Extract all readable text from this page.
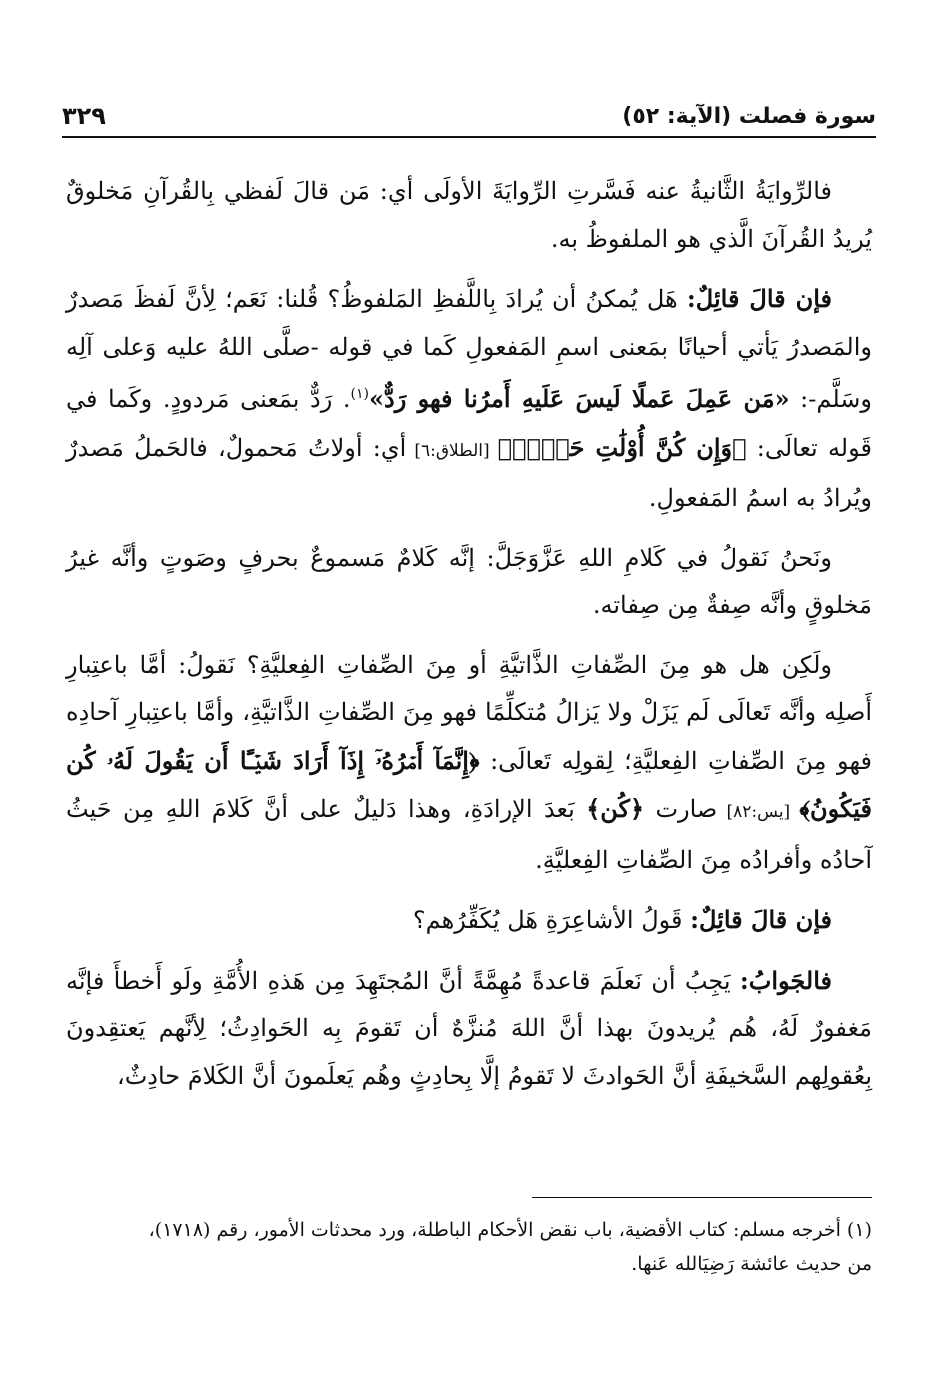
سورة فصلت (الآية: ٥٢)
٣٢٩

فالرِّوايَةُ الثَّانيةُ عنه فَسَّرتِ الرِّوايَةَ الأولَى أي: مَن قالَ لَفظي بِالقُرآنِ مَخلوقٌ يُريدُ القُرآنَ الَّذي هو الملفوظُ به.

فإن قالَ قائِلٌ: هَل يُمكنُ أن يُرادَ بِاللَّفظِ المَلفوظُ؟ قُلنا: نَعَم؛ لِأنَّ لَفظَ مَصدرٌ والمَصدرُ يَأتي أحيانًا بمَعنى اسمِ المَفعولِ كَما في قوله -صلَّى اللهُ عليه وَعلى آلِه وسَلَّم-: «مَن عَمِلَ عَملًا لَيسَ عَلَيهِ أَمرُنا فهو رَدٌّ»$^{(١)}$. رَدٌّ بمَعنى مَردودٍ. وكَما في قَوله تعالَى: ﴿وَإِن كُنَّ أُوْلَٰتِ حَمۡلٖ﴾ [الطلاق:٦] أي: أولاتُ مَحمولٌ، فالحَملُ مَصدرٌ ويُرادُ به اسمُ المَفعولِ.

ونَحنُ نَقولُ في كَلامِ اللهِ عَزَّوَجَلَّ: إنَّه كَلامٌ مَسموعٌ بحرفٍ وصَوتٍ وأنَّه غيرُ مَخلوقٍ وأنَّه صِفةٌ مِن صِفاته.

ولَكِن هل هو مِنَ الصِّفاتِ الذَّاتيَّةِ أو مِنَ الصِّفاتِ الفِعليَّةِ؟ نَقولُ: أمَّا باعتِبارِ أَصلِه وأنَّه تَعالَى لَم يَزَلْ ولا يَزالُ مُتكلِّمًا فهو مِنَ الصِّفاتِ الذَّاتيَّةِ، وأمَّا باعتِبارِ آحادِه فهو مِنَ الصِّفاتِ الفِعليَّةِ؛ لِقولِه تَعالَى: ﴿إِنَّمَآ أَمۡرُهُۥٓ إِذَآ أَرَادَ شَيۡـًٔا أَن يَقُولَ لَهُۥ كُن فَيَكُونُ﴾ [يس:٨٢] صارت ﴿كُن﴾ بَعدَ الإرادَةِ، وهذا دَليلٌ على أنَّ كَلامَ اللهِ مِن حَيثُ آحادُه وأفرادُه مِنَ الصِّفاتِ الفِعليَّةِ.

فإن قالَ قائِلٌ: قَولُ الأشاعِرَةِ هَل يُكَفِّرُهم؟

فالجَوابُ: يَجِبُ أن نَعلَمَ قاعدةً مُهِمَّةً أنَّ المُجتَهِدَ مِن هَذهِ الأُمَّةِ ولَو أَخطأَ فإنَّه مَغفورٌ لَهُ، هُم يُريدونَ بهذا أنَّ اللهَ مُنزَّهٌ أن تَقومَ بِه الحَوادِثُ؛ لِأنَّهم يَعتقِدونَ بِعُقولِهم السَّخيفَةِ أنَّ الحَوادثَ لا تَقومُ إلَّا بِحادِثٍ وهُم يَعلَمونَ أنَّ الكَلامَ حادِثٌ،

(١) أخرجه مسلم: كتاب الأقضية، باب نقض الأحكام الباطلة، ورد محدثات الأمور، رقم (١٧١٨)،

من حديث عائشة رَضِيَالله عَنها.
